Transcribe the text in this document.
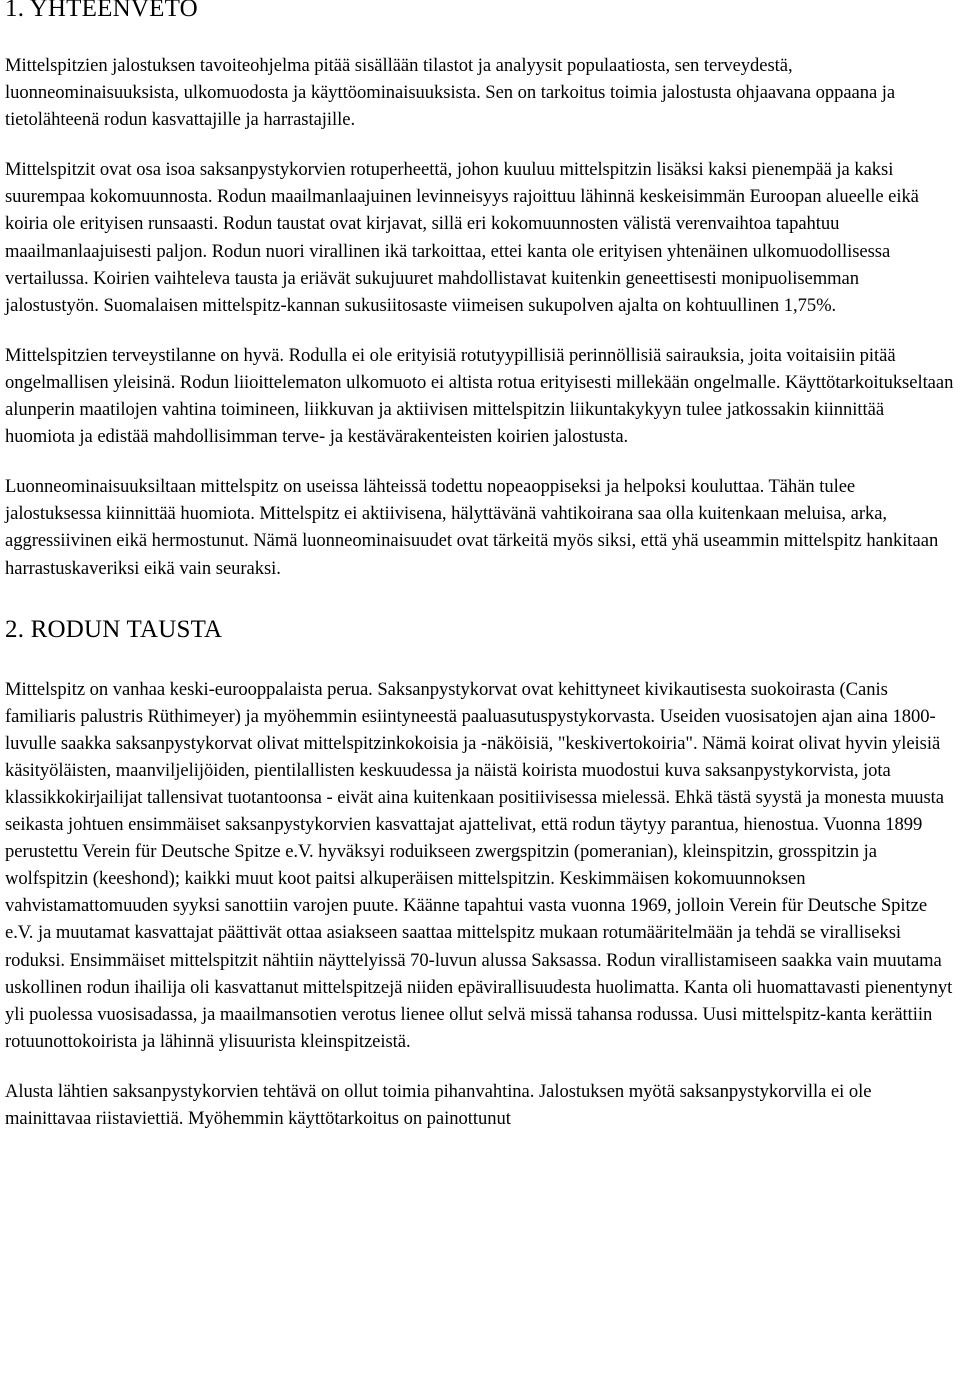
1. YHTEENVETO

Mittelspitzien jalostuksen tavoiteohjelma pitää sisällään tilastot ja analyysit populaatiosta, sen terveydestä, luonneominaisuuksista, ulkomuodosta ja käyttöominaisuuksista. Sen on tarkoitus toimia jalostusta ohjaavana oppaana ja tietolähteenä rodun kasvattajille ja harrastajille.

Mittelspitzit ovat osa isoa saksanpystykorvien rotuperheettä, johon kuuluu mittelspitzin lisäksi kaksi pienempää ja kaksi suurempaa kokomuunnosta. Rodun maailmanlaajuinen levinneisyys rajoittuu lähinnä keskeisimmän Euroopan alueelle eikä koiria ole erityisen runsaasti. Rodun taustat ovat kirjavat, sillä eri kokomuunnosten välistä verenvaihtoa tapahtuu maailmanlaajuisesti paljon. Rodun nuori virallinen ikä tarkoittaa, ettei kanta ole erityisen yhtenäinen ulkomuodollisessa vertailussa. Koirien vaihteleva tausta ja eriävät sukujuuret mahdollistavat kuitenkin geneettisesti monipuolisemman jalostustyön. Suomalaisen mittelspitz-kannan sukusiitosaste viimeisen sukupolven ajalta on kohtuullinen 1,75%.

Mittelspitzien terveystilanne on hyvä. Rodulla ei ole erityisiä rotutyypillisiä perinnöllisiä sairauksia, joita voitaisiin pitää ongelmallisen yleisinä. Rodun liioittelematon ulkomuoto ei altista rotua erityisesti millekään ongelmalle. Käyttötarkoitukseltaan alunperin maatilojen vahtina toimineen, liikkuvan ja aktiivisen mittelspitzin liikuntakykyyn tulee jatkossakin kiinnittää huomiota ja edistää mahdollisimman terve- ja kestävärakenteisten koirien jalostusta.

Luonneominaisuuksiltaan mittelspitz on useissa lähteissä todettu nopeaoppiseksi ja helpoksi kouluttaa. Tähän tulee jalostuksessa kiinnittää huomiota. Mittelspitz ei aktiivisena, hälyttävänä vahtikoirana saa olla kuitenkaan meluisa, arka, aggressiivinen eikä hermostunut. Nämä luonneominaisuudet ovat tärkeitä myös siksi, että yhä useammin mittelspitz hankitaan harrastuskaveriksi eikä vain seuraksi.

2. RODUN TAUSTA

Mittelspitz on vanhaa keski-eurooppalaista perua. Saksanpystykorvat ovat kehittyneet kivikautisesta suokoirasta (Canis familiaris palustris Rüthimeyer) ja myöhemmin esiintyneestä paaluasutuspystykorvasta. Useiden vuosisatojen ajan aina 1800-luvulle saakka saksanpystykorvat olivat mittelspitzinkokoisia ja -näköisiä, "keskivertokoiria". Nämä koirat olivat hyvin yleisiä käsityöläisten, maanviljelijöiden, pientilallisten keskuudessa ja näistä koirista muodostui kuva saksanpystykorvista, jota klassikkokirjailijat tallensivat tuotantoonsa - eivät aina kuitenkaan positiivisessa mielessä. Ehkä tästä syystä ja monesta muusta seikasta johtuen ensimmäiset saksanpystykorvien kasvattajat ajattelivat, että rodun täytyy parantua, hienostua. Vuonna 1899 perustettu Verein für Deutsche Spitze e.V. hyväksyi roduikseen zwergspitzin (pomeranian), kleinspitzin, grosspitzin ja wolfspitzin (keeshond); kaikki muut koot paitsi alkuperäisen mittelspitzin. Keskimmäisen kokomuunnoksen vahvistamattomuuden syyksi sanottiin varojen puute. Käänne tapahtui vasta vuonna 1969, jolloin Verein für Deutsche Spitze e.V. ja muutamat kasvattajat päättivät ottaa asiakseen saattaa mittelspitz mukaan rotumääritelmään ja tehdä se viralliseksi roduksi. Ensimmäiset mittelspitzit nähtiin näyttelyissä 70-luvun alussa Saksassa. Rodun virallistamiseen saakka vain muutama uskollinen rodun ihailija oli kasvattanut mittelspitzejä niiden epävirallisuudesta huolimatta. Kanta oli huomattavasti pienentynyt yli puolessa vuosisadassa, ja maailmansotien verotus lienee ollut selvä missä tahansa rodussa. Uusi mittelspitz-kanta kerättiin rotuunottokoirista ja lähinnä ylisuurista kleinspitzeistä.

Alusta lähtien saksanpystykorvien tehtävä on ollut toimia pihanvahtina. Jalostuksen myötä saksanpystykorvilla ei ole mainittavaa riistaviettiä. Myöhemmin käyttötarkoitus on painottunut
